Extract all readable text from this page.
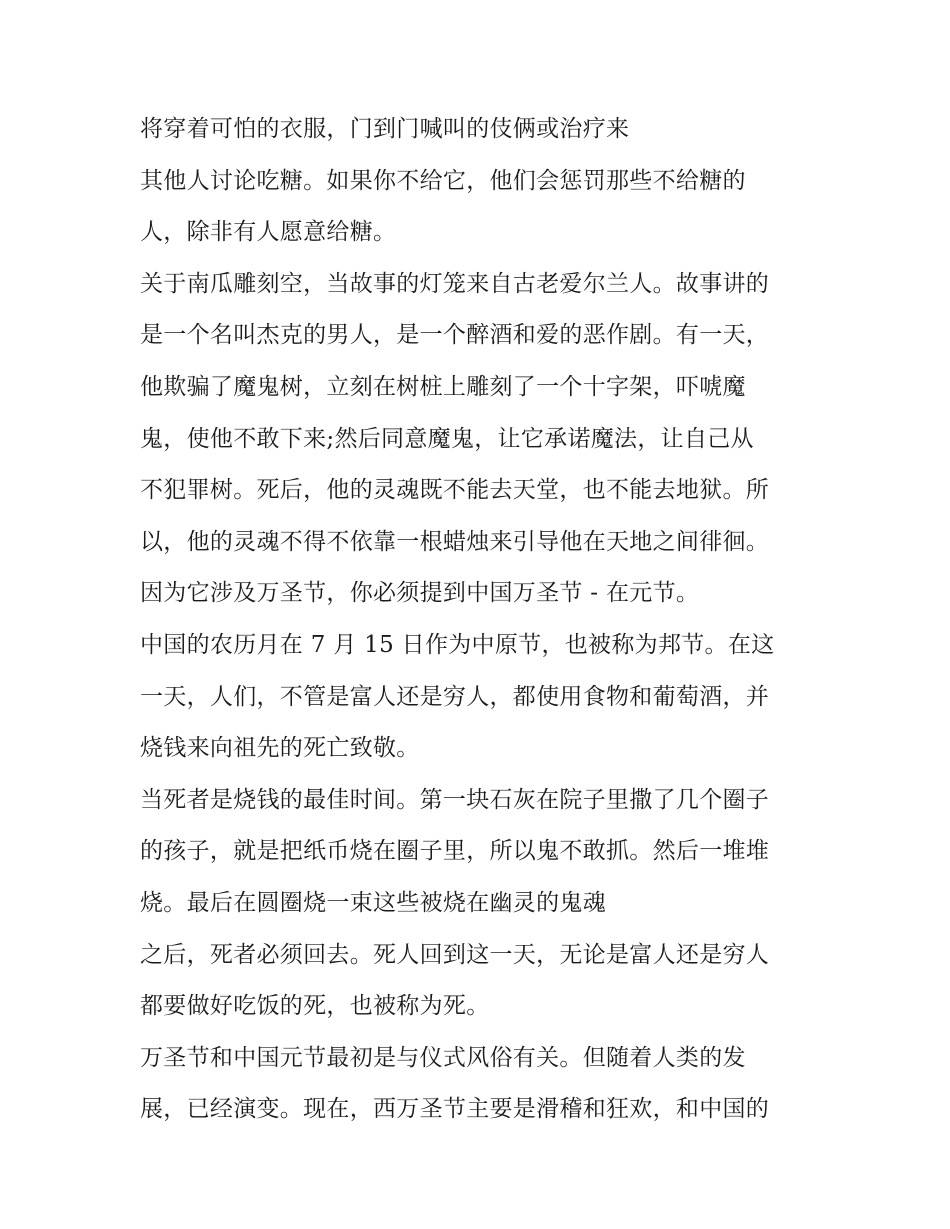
将穿着可怕的衣服，门到门喊叫的伎俩或治疗来
其他人讨论吃糖。如果你不给它，他们会惩罚那些不给糖的
人，除非有人愿意给糖。
关于南瓜雕刻空，当故事的灯笼来自古老爱尔兰人。故事讲的
是一个名叫杰克的男人，是一个醉酒和爱的恶作剧。有一天，
他欺骗了魔鬼树，立刻在树桩上雕刻了一个十字架，吓唬魔
鬼，使他不敢下来;然后同意魔鬼，让它承诺魔法，让自己从
不犯罪树。死后，他的灵魂既不能去天堂，也不能去地狱。所
以，他的灵魂不得不依靠一根蜡烛来引导他在天地之间徘徊。
因为它涉及万圣节，你必须提到中国万圣节 - 在元节。
中国的农历月在 7 月 15 日作为中原节，也被称为邦节。在这
一天，人们，不管是富人还是穷人，都使用食物和葡萄酒，并
烧钱来向祖先的死亡致敬。
当死者是烧钱的最佳时间。第一块石灰在院子里撒了几个圈子
的孩子，就是把纸币烧在圈子里，所以鬼不敢抓。然后一堆堆
烧。最后在圆圈烧一束这些被烧在幽灵的鬼魂
之后，死者必须回去。死人回到这一天，无论是富人还是穷人
都要做好吃饭的死，也被称为死。
万圣节和中国元节最初是与仪式风俗有关。但随着人类的发
展，已经演变。现在，西万圣节主要是滑稽和狂欢，和中国的
